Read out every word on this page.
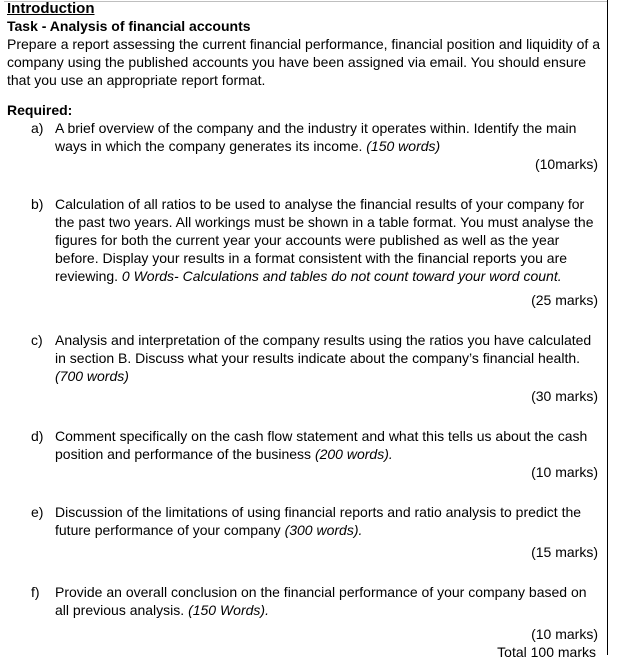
Introduction

Task - Analysis of financial accounts

Prepare a report assessing the current financial performance, financial position and liquidity of a company using the published accounts you have been assigned via email. You should ensure that you use an appropriate report format.

Required:

a) A brief overview of the company and the industry it operates within. Identify the main ways in which the company generates its income. (150 words)
(10marks)
b) Calculation of all ratios to be used to analyse the financial results of your company for the past two years. All workings must be shown in a table format. You must analyse the figures for both the current year your accounts were published as well as the year before. Display your results in a format consistent with the financial reports you are reviewing. 0 Words- Calculations and tables do not count toward your word count.
(25 marks)
c) Analysis and interpretation of the company results using the ratios you have calculated in section B. Discuss what your results indicate about the company’s financial health. (700 words)
(30 marks)
d) Comment specifically on the cash flow statement and what this tells us about the cash position and performance of the business (200 words).
(10 marks)
e) Discussion of the limitations of using financial reports and ratio analysis to predict the future performance of your company (300 words).
(15 marks)
f) Provide an overall conclusion on the financial performance of your company based on all previous analysis. (150 Words).
(10 marks)
Total 100 marks
